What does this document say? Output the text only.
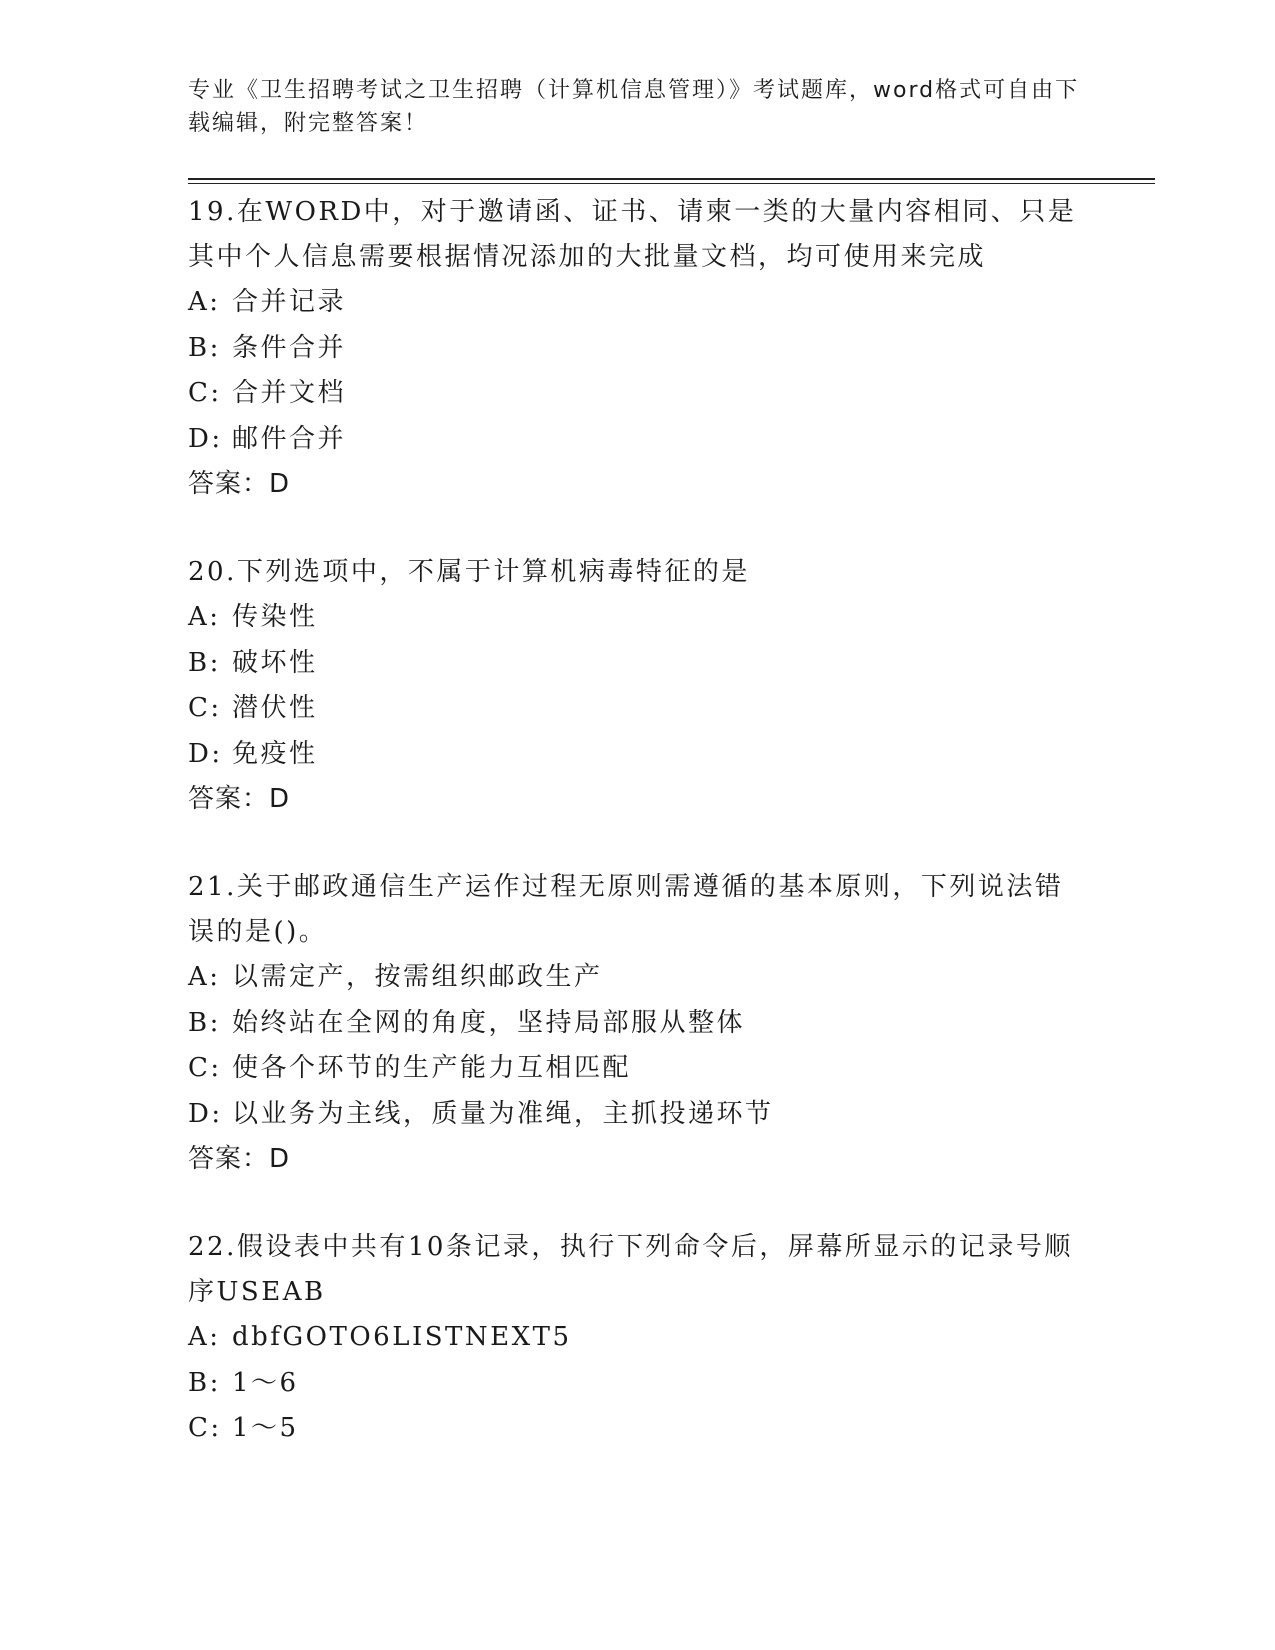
专业《卫生招聘考试之卫生招聘（计算机信息管理）》考试题库，word格式可自由下载编辑，附完整答案！
19.在WORD中，对于邀请函、证书、请柬一类的大量内容相同、只是其中个人信息需要根据情况添加的大批量文档，均可使用来完成
A: 合并记录
B: 条件合并
C: 合并文档
D: 邮件合并
答案：D
20.下列选项中，不属于计算机病毒特征的是
A: 传染性
B: 破坏性
C: 潜伏性
D: 免疫性
答案：D
21.关于邮政通信生产运作过程无原则需遵循的基本原则，下列说法错误的是()。
A: 以需定产，按需组织邮政生产
B: 始终站在全网的角度，坚持局部服从整体
C: 使各个环节的生产能力互相匹配
D: 以业务为主线，质量为准绳，主抓投递环节
答案：D
22.假设表中共有10条记录，执行下列命令后，屏幕所显示的记录号顺序USEAB
A: dbfGOTO6LISTNEXT5
B: 1～6
C: 1～5
